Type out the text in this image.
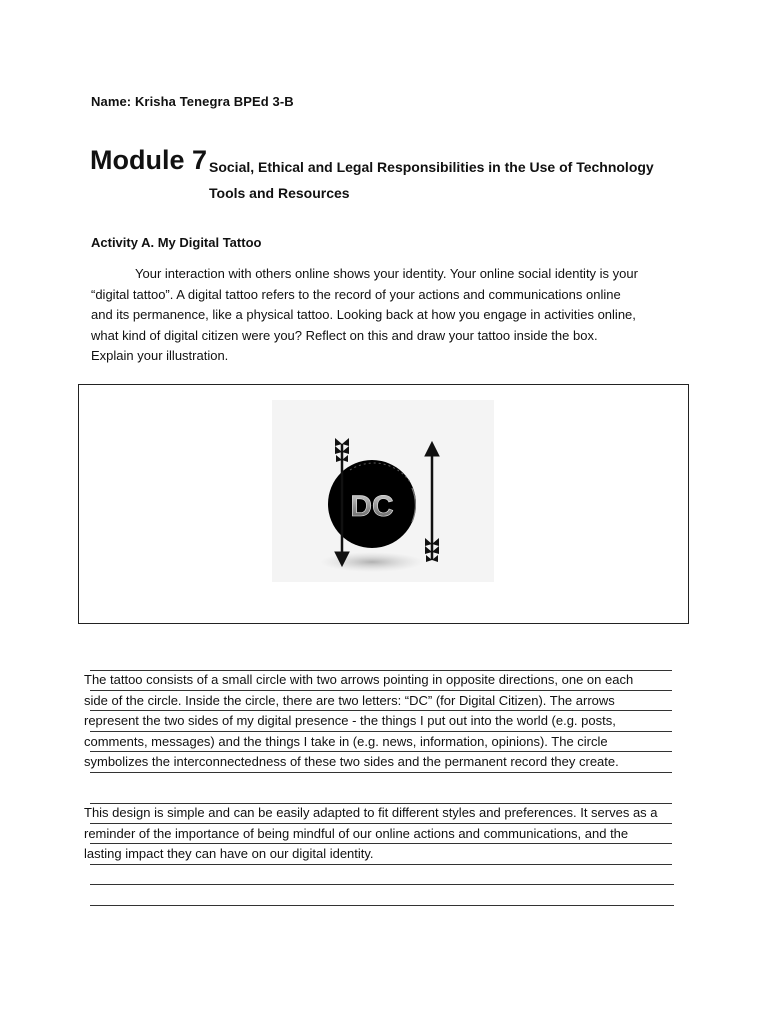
Name: Krisha Tenegra BPEd 3-B
Module 7 Social, Ethical and Legal Responsibilities in the Use of Technology
Tools and Resources
Activity A. My Digital Tattoo
Your interaction with others online shows your identity. Your online social identity is your
“digital tattoo”. A digital tattoo refers to the record of your actions and communications online
and its permanence, like a physical tattoo. Looking back at how you engage in activities online,
what kind of digital citizen were you? Reflect on this and draw your tattoo inside the box.
Explain your illustration.
DC
The tattoo consists of a small circle with two arrows pointing in opposite directions, one on each
side of the circle. Inside the circle, there are two letters: “DC” (for Digital Citizen). The arrows
represent the two sides of my digital presence - the things I put out into the world (e.g. posts,
comments, messages) and the things I take in (e.g. news, information, opinions). The circle
symbolizes the interconnectedness of these two sides and the permanent record they create.
This design is simple and can be easily adapted to fit different styles and preferences. It serves as a
reminder of the importance of being mindful of our online actions and communications, and the
lasting impact they can have on our digital identity.
